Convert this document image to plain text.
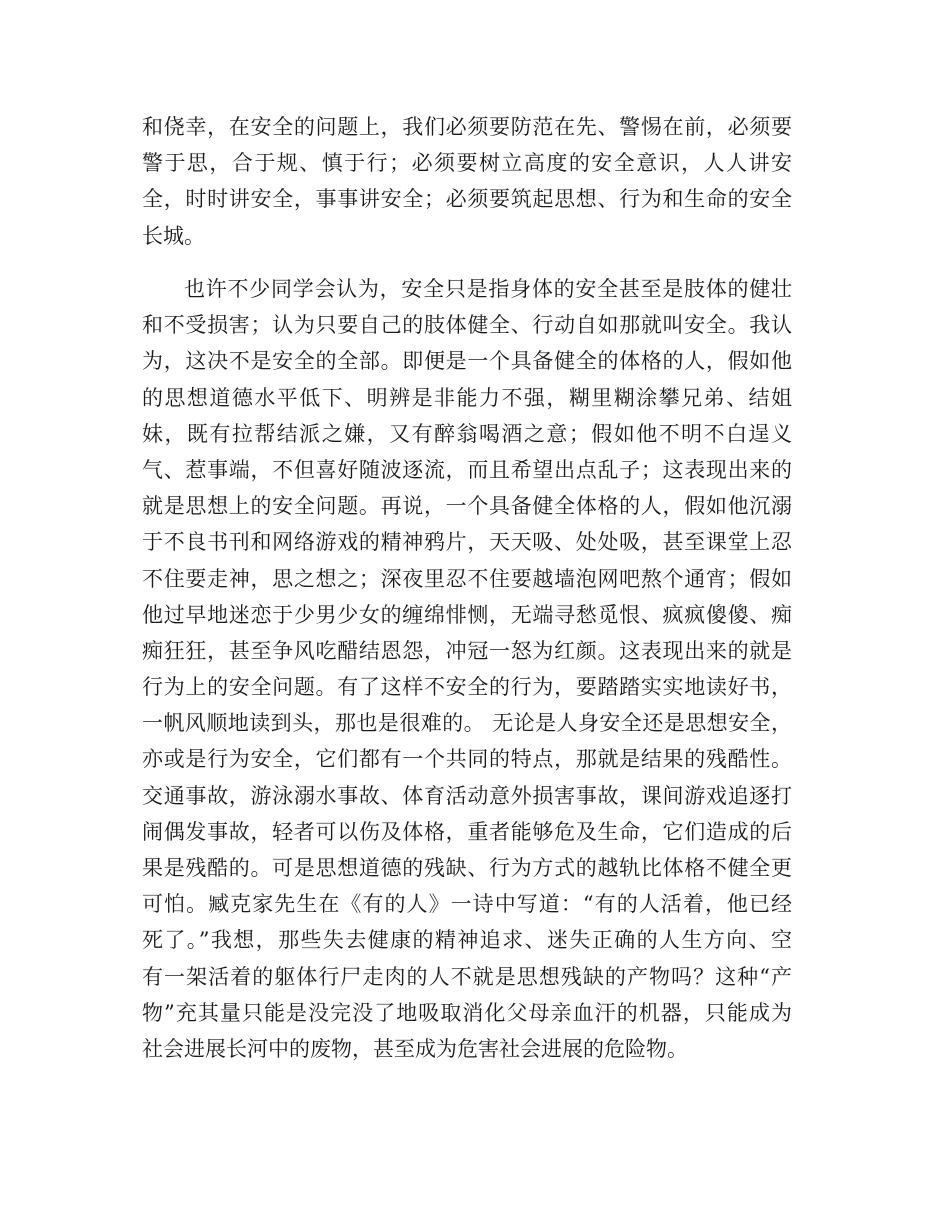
和侥幸，在安全的问题上，我们必须要防范在先、警惕在前，必须要
警于思，合于规、慎于行；必须要树立高度的安全意识，人人讲安
全，时时讲安全，事事讲安全；必须要筑起思想、行为和生命的安全
长城。
也许不少同学会认为，安全只是指身体的安全甚至是肢体的健壮
和不受损害；认为只要自己的肢体健全、行动自如那就叫安全。我认
为，这决不是安全的全部。即便是一个具备健全的体格的人，假如他
的思想道德水平低下、明辨是非能力不强，糊里糊涂攀兄弟、结姐
妹，既有拉帮结派之嫌，又有醉翁喝酒之意；假如他不明不白逞义
气、惹事端，不但喜好随波逐流，而且希望出点乱子；这表现出来的
就是思想上的安全问题。再说，一个具备健全体格的人，假如他沉溺
于不良书刊和网络游戏的精神鸦片，天天吸、处处吸，甚至课堂上忍
不住要走神，思之想之；深夜里忍不住要越墙泡网吧熬个通宵；假如
他过早地迷恋于少男少女的缠绵悱恻，无端寻愁觅恨、疯疯傻傻、痴
痴狂狂，甚至争风吃醋结恩怨，冲冠一怒为红颜。这表现出来的就是
行为上的安全问题。有了这样不安全的行为，要踏踏实实地读好书，
一帆风顺地读到头，那也是很难的。 无论是人身安全还是思想安全，
亦或是行为安全，它们都有一个共同的特点，那就是结果的残酷性。
交通事故，游泳溺水事故、体育活动意外损害事故，课间游戏追逐打
闹偶发事故，轻者可以伤及体格，重者能够危及生命，它们造成的后
果是残酷的。可是思想道德的残缺、行为方式的越轨比体格不健全更
可怕。臧克家先生在《有的人》一诗中写道：“有的人活着，他已经
死了。”我想，那些失去健康的精神追求、迷失正确的人生方向、空
有一架活着的躯体行尸走肉的人不就是思想残缺的产物吗？这种“产
物”充其量只能是没完没了地吸取消化父母亲血汗的机器，只能成为
社会进展长河中的废物，甚至成为危害社会进展的危险物。
